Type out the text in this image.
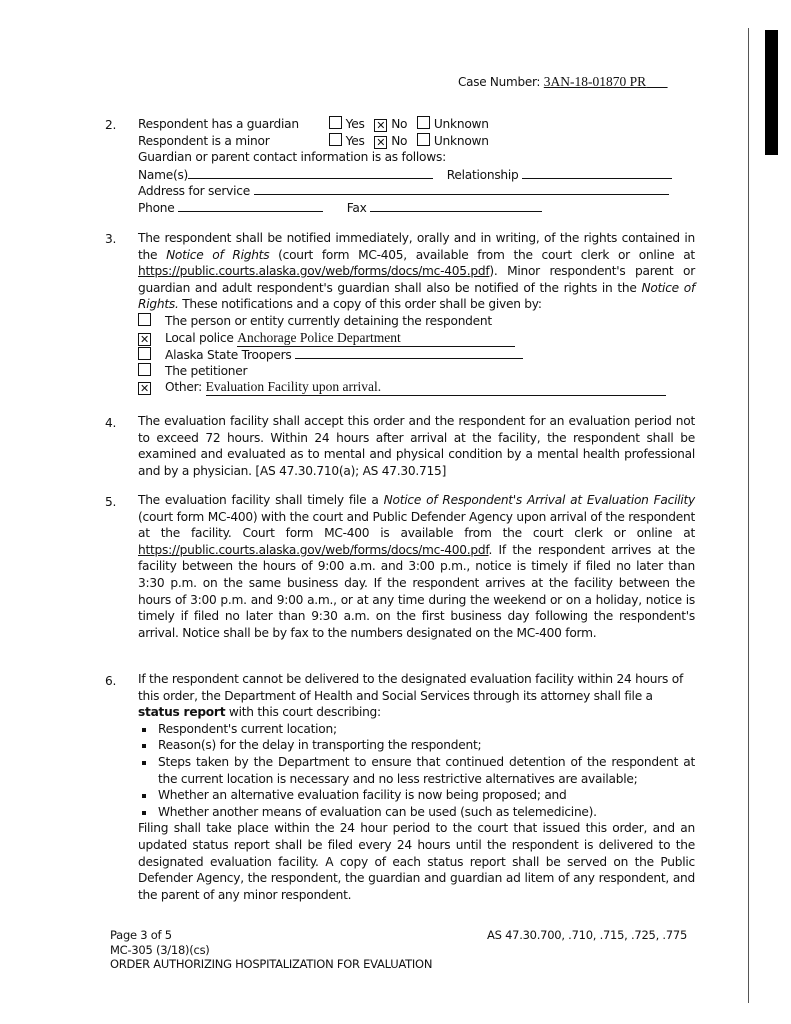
Case Number: 3AN-18-01870 PR
2. Respondent has a guardian	Yes ✕ No Unknown
Respondent is a minor	Yes ✕ No Unknown
Guardian or parent contact information is as follows:
Name(s)	Relationship
Address for service
Phone	Fax
3. The respondent shall be notified immediately, orally and in writing, of the rights contained in the Notice of Rights (court form MC-405, available from the court clerk or online at https://public.courts.alaska.gov/web/forms/docs/mc-405.pdf). Minor respondent's parent or guardian and adult respondent's guardian shall also be notified of the rights in the Notice of Rights. These notifications and a copy of this order shall be given by:
The person or entity currently detaining the respondent
✕ Local police Anchorage Police Department
Alaska State Troopers
The petitioner
✕ Other: Evaluation Facility upon arrival.
4. The evaluation facility shall accept this order and the respondent for an evaluation period not to exceed 72 hours. Within 24 hours after arrival at the facility, the respondent shall be examined and evaluated as to mental and physical condition by a mental health professional and by a physician. [AS 47.30.710(a); AS 47.30.715]
5. The evaluation facility shall timely file a Notice of Respondent's Arrival at Evaluation Facility (court form MC-400) with the court and Public Defender Agency upon arrival of the respondent at the facility. Court form MC-400 is available from the court clerk or online at https://public.courts.alaska.gov/web/forms/docs/mc-400.pdf. If the respondent arrives at the facility between the hours of 9:00 a.m. and 3:00 p.m., notice is timely if filed no later than 3:30 p.m. on the same business day. If the respondent arrives at the facility between the hours of 3:00 p.m. and 9:00 a.m., or at any time during the weekend or on a holiday, notice is timely if filed no later than 9:30 a.m. on the first business day following the respondent's arrival. Notice shall be by fax to the numbers designated on the MC-400 form.
6. If the respondent cannot be delivered to the designated evaluation facility within 24 hours of this order, the Department of Health and Social Services through its attorney shall file a status report with this court describing:
Respondent's current location;
Reason(s) for the delay in transporting the respondent;
Steps taken by the Department to ensure that continued detention of the respondent at the current location is necessary and no less restrictive alternatives are available;
Whether an alternative evaluation facility is now being proposed; and
Whether another means of evaluation can be used (such as telemedicine).
Filing shall take place within the 24 hour period to the court that issued this order, and an updated status report shall be filed every 24 hours until the respondent is delivered to the designated evaluation facility. A copy of each status report shall be served on the Public Defender Agency, the respondent, the guardian and guardian ad litem of any respondent, and the parent of any minor respondent.
Page 3 of 5
MC-305 (3/18)(cs)
ORDER AUTHORIZING HOSPITALIZATION FOR EVALUATION
AS 47.30.700, .710, .715, .725, .775
